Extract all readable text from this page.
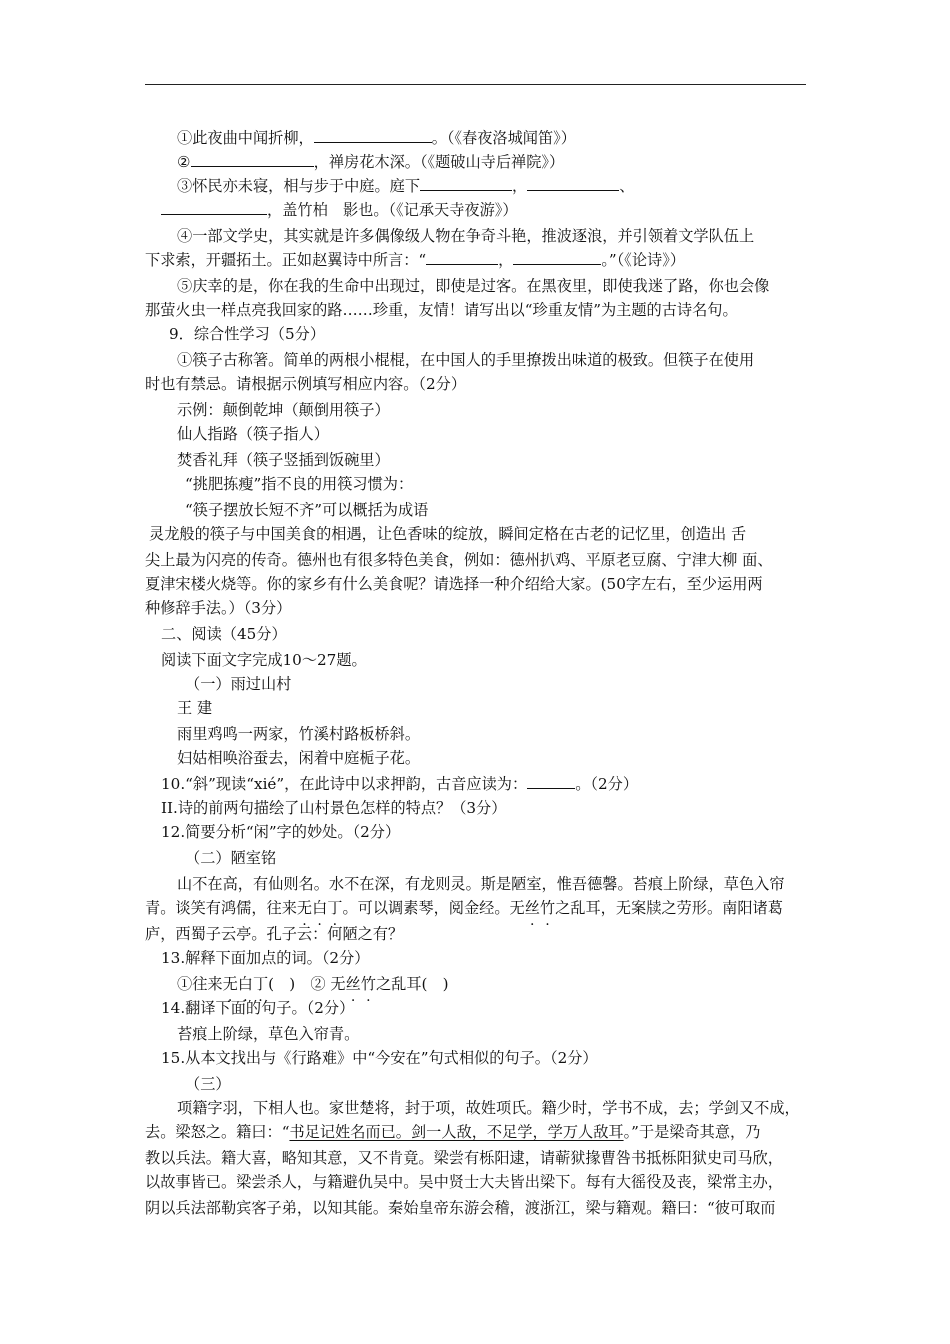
①此夜曲中闻折柳，	。（《春夜洛城闻笛》）
②	，禅房花木深。（《题破山寺后禅院》）
③怀民亦未寝，相与步于中庭。庭下	，	、
，盖竹柏　影也。（《记承天寺夜游》）
④一部文学史，其实就是许多偶像级人物在争奇斗艳，推波逐浪，并引领着文学队伍上
下求索，开疆拓土。正如赵翼诗中所言：“	，	。”（《论诗》）
⑤庆幸的是，你在我的生命中出现过，即使是过客。在黑夜里，即使我迷了路，你也会像
那萤火虫一样点亮我回家的路……珍重，友情！请写出以“珍重友情”为主题的古诗名句。
9．综合性学习（5分）
①筷子古称箸。简单的两根小棍棍，在中国人的手里撩拨出味道的极致。但筷子在使用
时也有禁忌。请根据示例填写相应内容。（2分）
示例：颠倒乾坤（颠倒用筷子）
仙人指路（筷子指人）
焚香礼拜（筷子竖插到饭碗里）
“挑肥拣瘦”指不良的用筷习惯为：
“筷子摆放长短不齐”可以概括为成语
灵龙般的筷子与中国美食的相遇，让色香味的绽放，瞬间定格在古老的记忆里，创造出 舌
尖上最为闪亮的传奇。德州也有很多特色美食，例如：德州扒鸡、平原老豆腐、宁津大柳 面、
夏津宋楼火烧等。你的家乡有什么美食呢？请选择一种介绍给大家。(50字左右，至少运用两
种修辞手法。）（3分）
二、阅读（45分）
阅读下面文字完成10～27题。
（一）雨过山村
王 建
雨里鸡鸣一两家，竹溪村路板桥斜。
妇姑相唤浴蚕去，闲着中庭栀子花。
10.“斜”现读“xié”，在此诗中以求押韵，古音应读为：	。（2分）
II.诗的前两句描绘了山村景色怎样的特点？（3分）
12.简要分析“闲”字的妙处。（2分）
（二）陋室铭
山不在高，有仙则名。水不在深，有龙则灵。斯是陋室，惟吾德馨。苔痕上阶绿，草色入帘
青。谈笑有鸿儒，往来无白丁。可以调素琴，阅金经。无丝竹之乱耳，无案牍之劳形。南阳诸葛
庐，西蜀子云亭。孔子云：何陋之有？
13.解释下面加点的词。（2分）
①往来无白丁(　)　② 无丝竹之乱耳(　)
14.翻译下面的句子。（2分）
苔痕上阶绿，草色入帘青。
15.从本文找出与《行路难》中“今安在”句式相似的句子。（2分）
（三）
项籍字羽，下相人也。家世楚将，封于项，故姓项氏。籍少时，学书不成，去；学剑又不成，
去。梁怒之。籍曰：“书足记姓名而已。剑一人敌，不足学，学万人敌耳。”于是梁奇其意，乃
教以兵法。籍大喜，略知其意，又不肯竟。梁尝有栎阳逮，请蕲狱掾曹咎书抵栎阳狱史司马欣，
以故事皆已。梁尝杀人，与籍避仇吴中。吴中贤士大夫皆出梁下。每有大徭役及丧，梁常主办，
阴以兵法部勒宾客子弟，以知其能。秦始皇帝东游会稽，渡浙江，梁与籍观。籍曰：“彼可取而
